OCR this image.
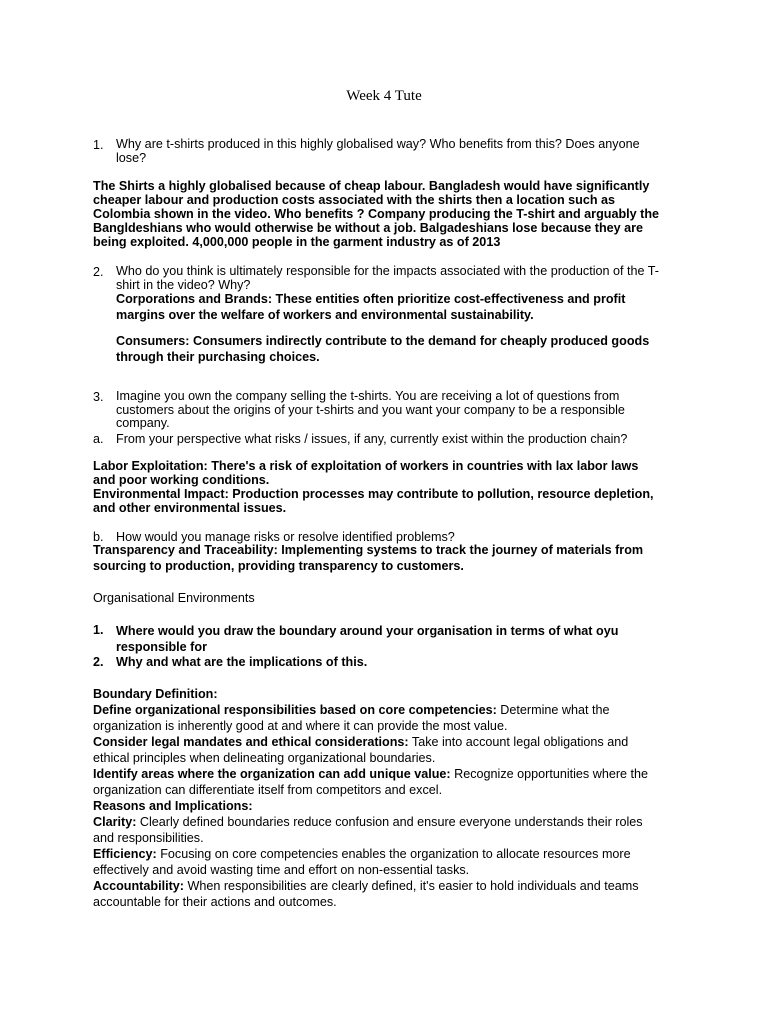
Week 4 Tute
1. Why are t-shirts produced in this highly globalised way? Who benefits from this? Does anyone
lose?
The Shirts a highly globalised because of cheap labour. Bangladesh would have significantly
cheaper labour and production costs associated with the shirts then a location such as
Colombia shown in the video. Who benefits ? Company producing the T-shirt and arguably the
Bangldeshians who would otherwise be without a job. Balgadeshians lose because they are
being exploited. 4,000,000 people in the garment industry as of 2013
2. Who do you think is ultimately responsible for the impacts associated with the production of the T-
shirt in the video? Why?
Corporations and Brands: These entities often prioritize cost-effectiveness and profit
margins over the welfare of workers and environmental sustainability.
Consumers: Consumers indirectly contribute to the demand for cheaply produced goods
through their purchasing choices.
3. Imagine you own the company selling the t-shirts. You are receiving a lot of questions from
customers about the origins of your t-shirts and you want your company to be a responsible
company.
a. From your perspective what risks / issues, if any, currently exist within the production chain?
Labor Exploitation: There's a risk of exploitation of workers in countries with lax labor laws
and poor working conditions.
Environmental Impact: Production processes may contribute to pollution, resource depletion,
and other environmental issues.
b. How would you manage risks or resolve identified problems?
Transparency and Traceability: Implementing systems to track the journey of materials from
sourcing to production, providing transparency to customers.
Organisational Environments
1. Where would you draw the boundary around your organisation in terms of what oyu
responsible for
2. Why and what are the implications of this.
Boundary Definition:
Define organizational responsibilities based on core competencies: Determine what the
organization is inherently good at and where it can provide the most value.
Consider legal mandates and ethical considerations: Take into account legal obligations and
ethical principles when delineating organizational boundaries.
Identify areas where the organization can add unique value: Recognize opportunities where the
organization can differentiate itself from competitors and excel.
Reasons and Implications:
Clarity: Clearly defined boundaries reduce confusion and ensure everyone understands their roles
and responsibilities.
Efficiency: Focusing on core competencies enables the organization to allocate resources more
effectively and avoid wasting time and effort on non-essential tasks.
Accountability: When responsibilities are clearly defined, it's easier to hold individuals and teams
accountable for their actions and outcomes.
